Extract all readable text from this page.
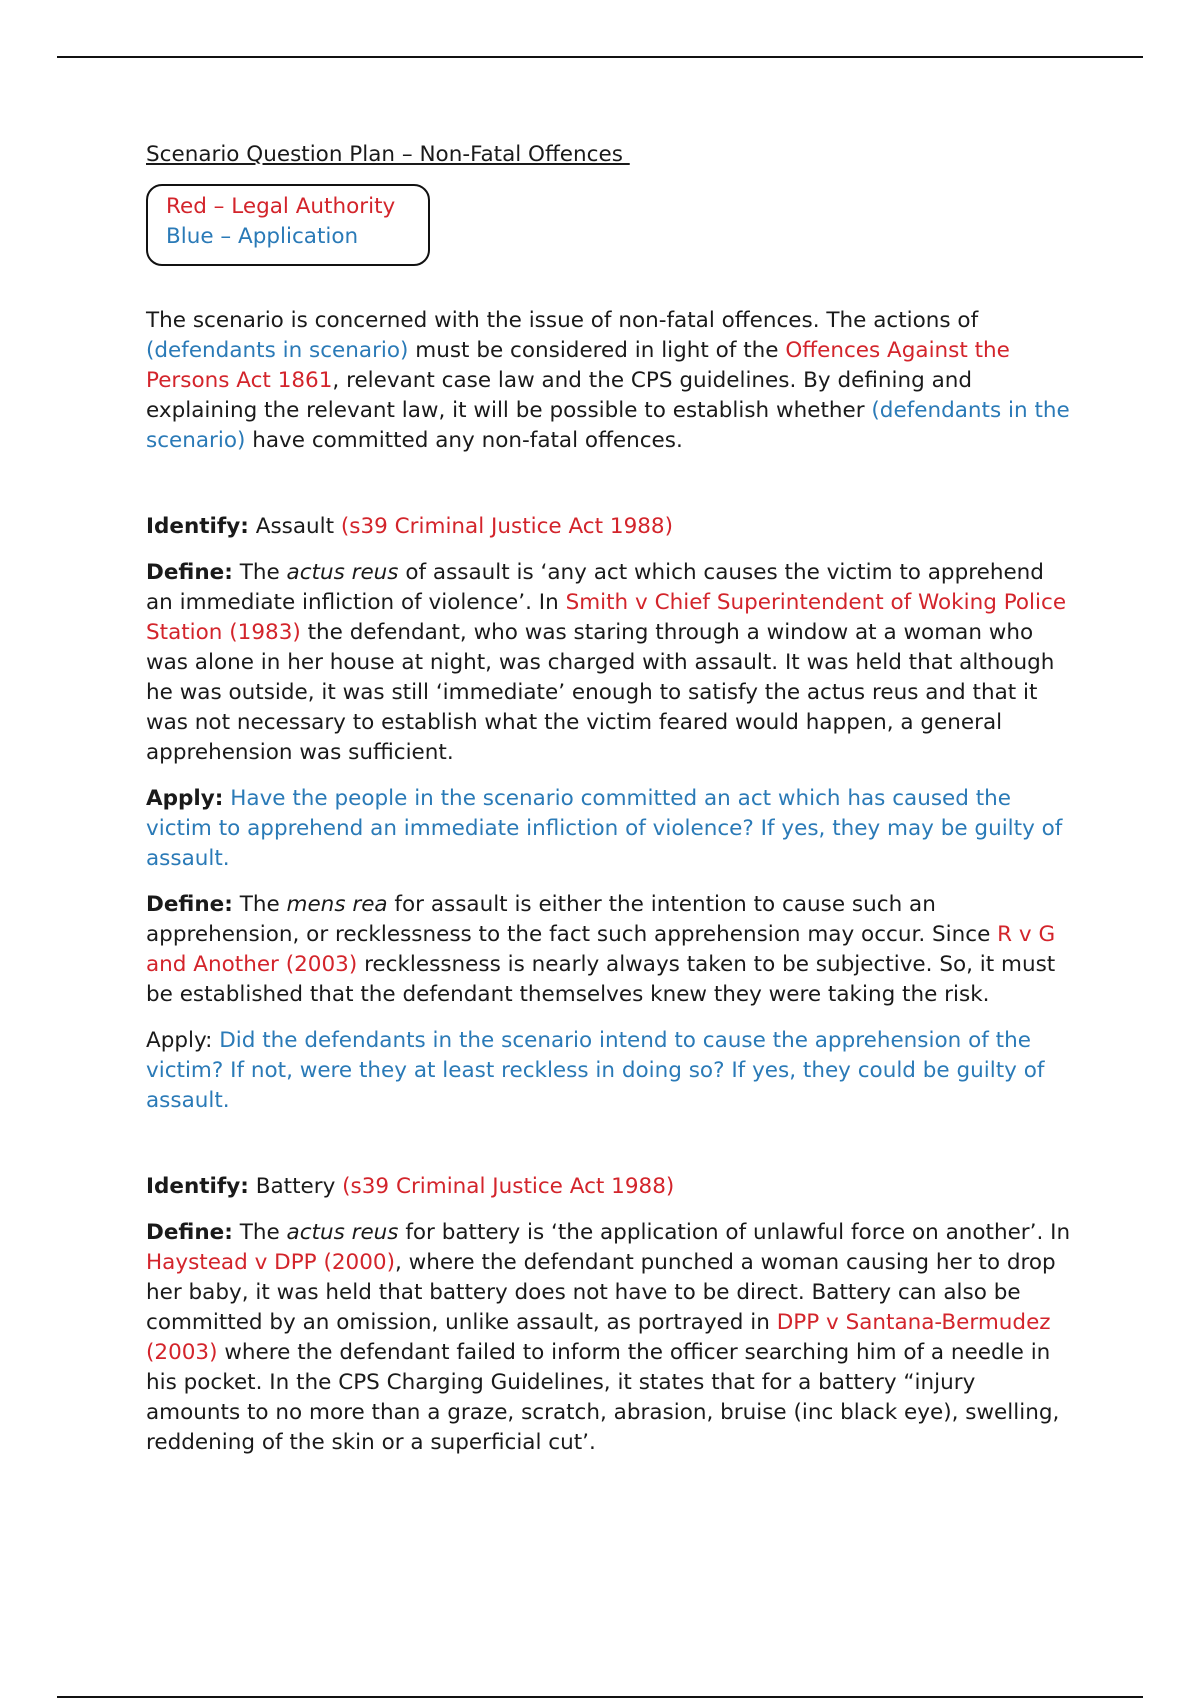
Scenario Question Plan – Non-Fatal Offences
Red – Legal Authority
Blue – Application

The scenario is concerned with the issue of non-fatal offences. The actions of (defendants in scenario) must be considered in light of the Offences Against the Persons Act 1861, relevant case law and the CPS guidelines. By defining and explaining the relevant law, it will be possible to establish whether (defendants in the scenario) have committed any non-fatal offences.

Identify: Assault (s39 Criminal Justice Act 1988)

Define: The actus reus of assault is ‘any act which causes the victim to apprehend an immediate infliction of violence’. In Smith v Chief Superintendent of Woking Police Station (1983) the defendant, who was staring through a window at a woman who was alone in her house at night, was charged with assault. It was held that although he was outside, it was still ‘immediate’ enough to satisfy the actus reus and that it was not necessary to establish what the victim feared would happen, a general apprehension was sufficient.

Apply: Have the people in the scenario committed an act which has caused the victim to apprehend an immediate infliction of violence? If yes, they may be guilty of assault.

Define: The mens rea for assault is either the intention to cause such an apprehension, or recklessness to the fact such apprehension may occur. Since R v G and Another (2003) recklessness is nearly always taken to be subjective. So, it must be established that the defendant themselves knew they were taking the risk.

Apply: Did the defendants in the scenario intend to cause the apprehension of the victim? If not, were they at least reckless in doing so? If yes, they could be guilty of assault.

Identify: Battery (s39 Criminal Justice Act 1988)

Define: The actus reus for battery is ‘the application of unlawful force on another’. In Haystead v DPP (2000), where the defendant punched a woman causing her to drop her baby, it was held that battery does not have to be direct. Battery can also be committed by an omission, unlike assault, as portrayed in DPP v Santana-Bermudez (2003) where the defendant failed to inform the officer searching him of a needle in his pocket. In the CPS Charging Guidelines, it states that for a battery “injury amounts to no more than a graze, scratch, abrasion, bruise (inc black eye), swelling, reddening of the skin or a superficial cut’.
